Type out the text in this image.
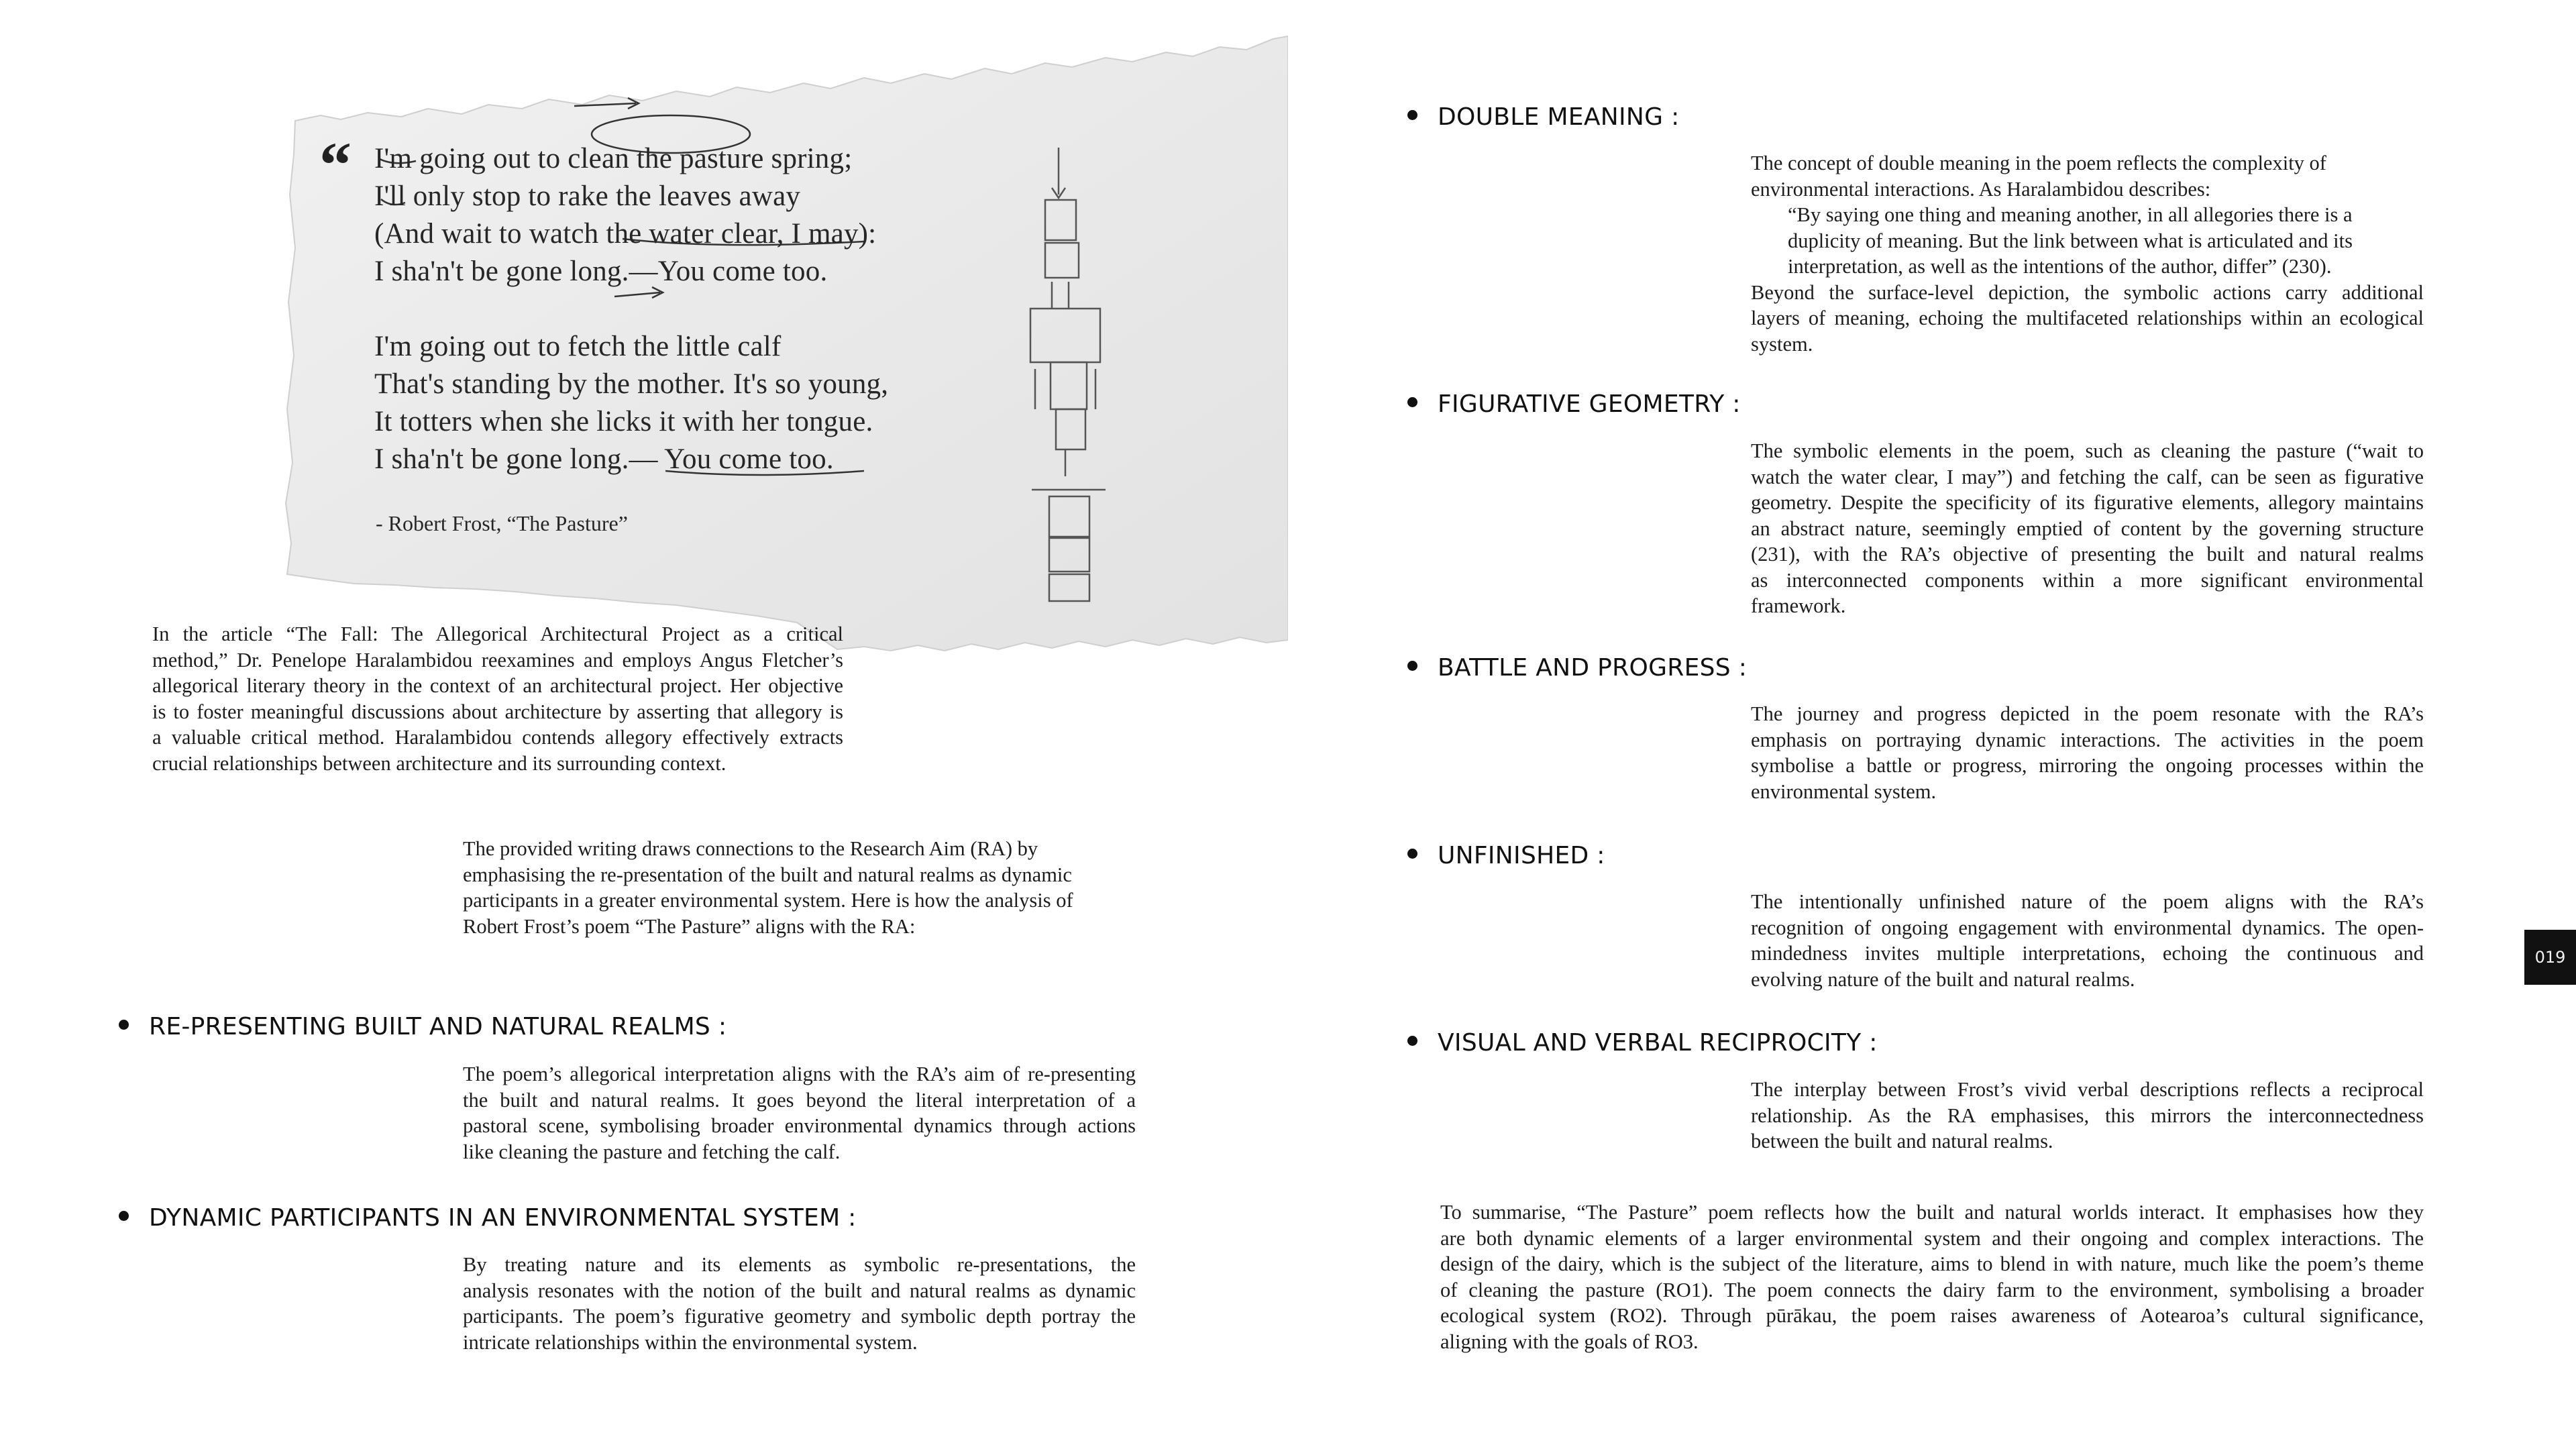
“ I'm going out to clean the pasture spring;
I'll only stop to rake the leaves away
(And wait to watch the water clear, I may):
I sha'n't be gone long.—You come too.
I'm going out to fetch the little calf
That's standing by the mother. It's so young,
It totters when she licks it with her tongue.
I sha'n't be gone long.— You come too.
- Robert Frost, “The Pasture”
In the article “The Fall: The Allegorical Architectural Project as a critical
method,” Dr. Penelope Haralambidou reexamines and employs Angus Fletcher’s
allegorical literary theory in the context of an architectural project. Her objective
is to foster meaningful discussions about architecture by asserting that allegory is
a valuable critical method. Haralambidou contends allegory effectively extracts
crucial relationships between architecture and its surrounding context.
The provided writing draws connections to the Research Aim (RA) by
emphasising the re-presentation of the built and natural realms as dynamic
participants in a greater environmental system. Here is how the analysis of
Robert Frost’s poem “The Pasture” aligns with the RA:
RE-PRESENTING BUILT AND NATURAL REALMS :
The poem’s allegorical interpretation aligns with the RA’s aim of re-presenting
the built and natural realms. It goes beyond the literal interpretation of a
pastoral scene, symbolising broader environmental dynamics through actions
like cleaning the pasture and fetching the calf.
DYNAMIC PARTICIPANTS IN AN ENVIRONMENTAL SYSTEM :
By treating nature and its elements as symbolic re-presentations, the
analysis resonates with the notion of the built and natural realms as dynamic
participants. The poem’s figurative geometry and symbolic depth portray the
intricate relationships within the environmental system.
DOUBLE MEANING :
The concept of double meaning in the poem reflects the complexity of
environmental interactions. As Haralambidou describes:
“By saying one thing and meaning another, in all allegories there is a
duplicity of meaning. But the link between what is articulated and its
interpretation, as well as the intentions of the author, differ” (230).
Beyond the surface-level depiction, the symbolic actions carry additional
layers of meaning, echoing the multifaceted relationships within an ecological
system.
FIGURATIVE GEOMETRY :
The symbolic elements in the poem, such as cleaning the pasture (“wait to
watch the water clear, I may”) and fetching the calf, can be seen as figurative
geometry. Despite the specificity of its figurative elements, allegory maintains
an abstract nature, seemingly emptied of content by the governing structure
(231), with the RA’s objective of presenting the built and natural realms
as interconnected components within a more significant environmental
framework.
BATTLE AND PROGRESS :
The journey and progress depicted in the poem resonate with the RA’s
emphasis on portraying dynamic interactions. The activities in the poem
symbolise a battle or progress, mirroring the ongoing processes within the
environmental system.
UNFINISHED :
The intentionally unfinished nature of the poem aligns with the RA’s
recognition of ongoing engagement with environmental dynamics. The open-
mindedness invites multiple interpretations, echoing the continuous and
evolving nature of the built and natural realms.
VISUAL AND VERBAL RECIPROCITY :
The interplay between Frost’s vivid verbal descriptions reflects a reciprocal
relationship. As the RA emphasises, this mirrors the interconnectedness
between the built and natural realms.
To summarise, “The Pasture” poem reflects how the built and natural worlds interact. It emphasises how they
are both dynamic elements of a larger environmental system and their ongoing and complex interactions. The
design of the dairy, which is the subject of the literature, aims to blend in with nature, much like the poem’s theme
of cleaning the pasture (RO1). The poem connects the dairy farm to the environment, symbolising a broader
ecological system (RO2). Through pūrākau, the poem raises awareness of Aotearoa’s cultural significance,
aligning with the goals of RO3.
019
